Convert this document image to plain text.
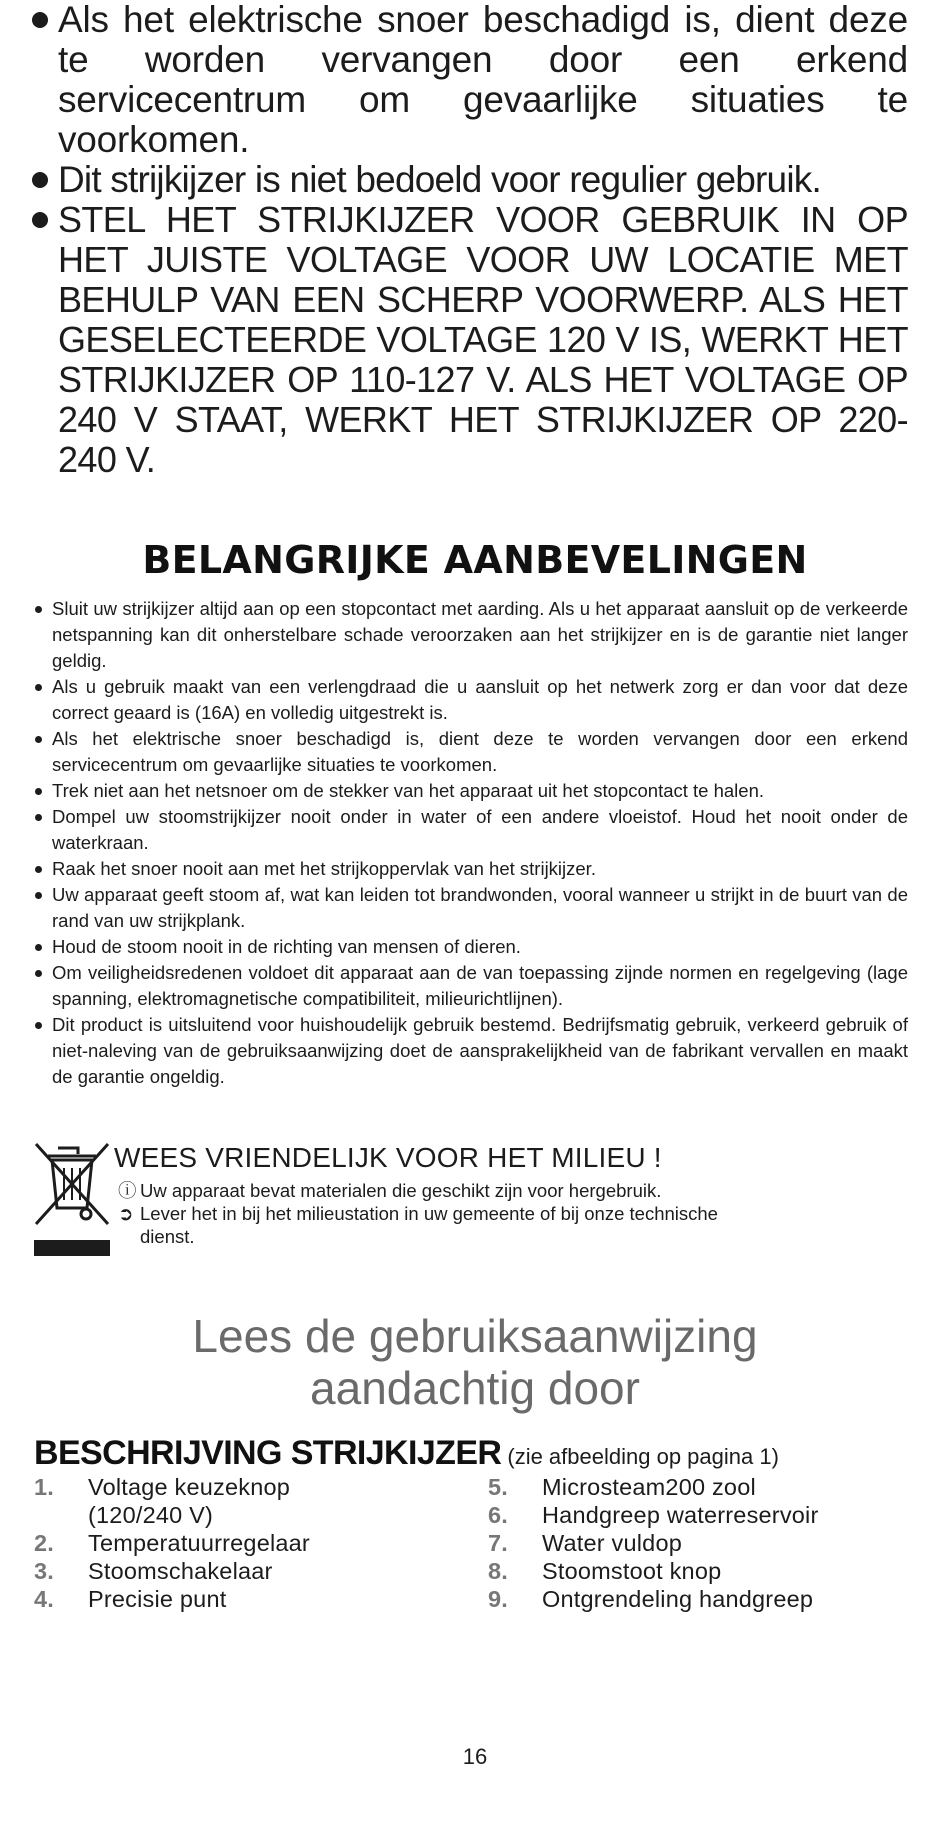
Als het elektrische snoer beschadigd is, dient deze te worden vervangen door een erkend servicecentrum om gevaarlijke situaties te voorkomen.
Dit strijkijzer is niet bedoeld voor regulier gebruik.
STEL HET STRIJKIJZER VOOR GEBRUIK IN OP HET JUISTE VOLTAGE VOOR UW LOCATIE MET BEHULP VAN EEN SCHERP VOORWERP. ALS HET GESELECTEERDE VOLTAGE 120 V IS, WERKT HET STRIJKIJZER OP 110-127 V. ALS HET VOLTAGE OP 240 V STAAT, WERKT HET STRIJKIJZER OP 220-240 V.
BELANGRIJKE AANBEVELINGEN
Sluit uw strijkijzer altijd aan op een stopcontact met aarding. Als u het apparaat aansluit op de verkeerde netspanning kan dit onherstelbare schade veroorzaken aan het strijkijzer en is de garantie niet langer geldig.
Als u gebruik maakt van een verlengdraad die u aansluit op het netwerk zorg er dan voor dat deze correct geaard is (16A) en volledig uitgestrekt is.
Als het elektrische snoer beschadigd is, dient deze te worden vervangen door een erkend servicecentrum om gevaarlijke situaties te voorkomen.
Trek niet aan het netsnoer om de stekker van het apparaat uit het stopcontact te halen.
Dompel uw stoomstrijkijzer nooit onder in water of een andere vloeistof. Houd het nooit onder de waterkraan.
Raak het snoer nooit aan met het strijkoppervlak van het strijkijzer.
Uw apparaat geeft stoom af, wat kan leiden tot brandwonden, vooral wanneer u strijkt in de buurt van de rand van uw strijkplank.
Houd de stoom nooit in de richting van mensen of dieren.
Om veiligheidsredenen voldoet dit apparaat aan de van toepassing zijnde normen en regelgeving (lage spanning, elektromagnetische compatibiliteit, milieurichtlijnen).
Dit product is uitsluitend voor huishoudelijk gebruik bestemd. Bedrijfsmatig gebruik, verkeerd gebruik of niet-naleving van de gebruiksaanwijzing doet de aansprakelijkheid van de fabrikant vervallen en maakt de garantie ongeldig.
WEES VRIENDELIJK VOOR HET MILIEU !
ⓘ Uw apparaat bevat materialen die geschikt zijn voor hergebruik.
➲ Lever het in bij het milieustation in uw gemeente of bij onze technische
dienst.
Lees de gebruiksaanwijzing
aandachtig door
BESCHRIJVING STRIJKIJZER (zie afbeelding op pagina 1)
1. Voltage keuzeknop
(120/240 V)
2. Temperatuurregelaar
3. Stoomschakelaar
4. Precisie punt
5. Microsteam200 zool
6. Handgreep waterreservoir
7. Water vuldop
8. Stoomstoot knop
9. Ontgrendeling handgreep
16
